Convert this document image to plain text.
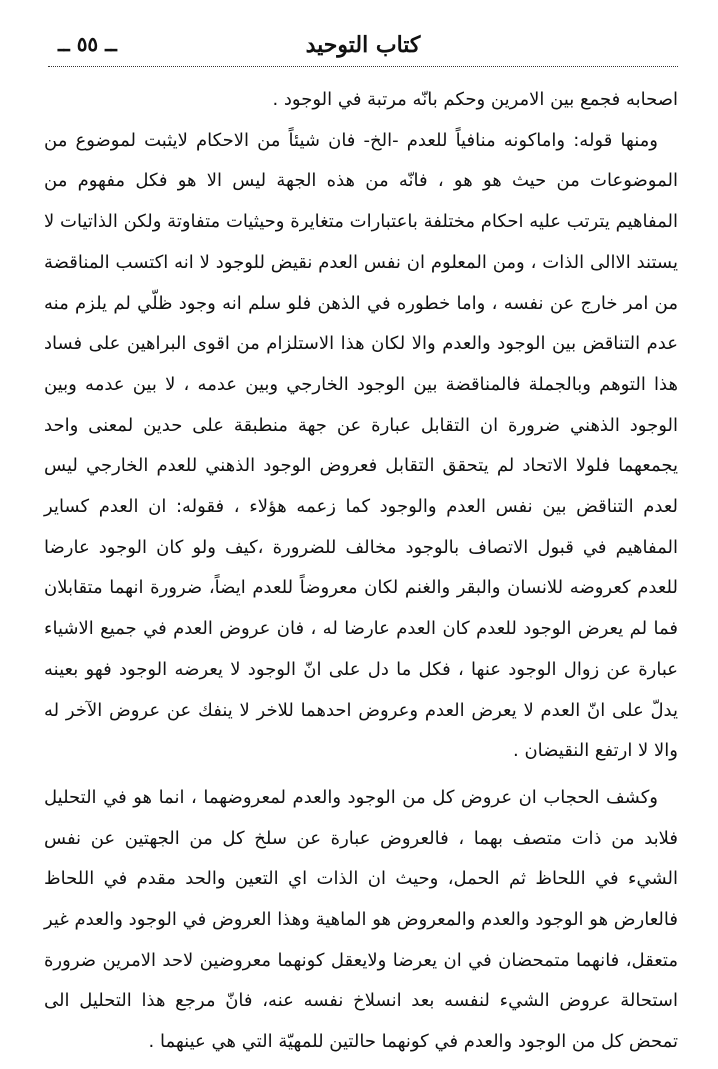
كتاب التوحيد
ــ ٥٥ ــ

اصحابه فجمع بين الامرين وحكم بانّه مرتبة في الوجود .

ومنها قوله: واماكونه منافياً للعدم -الخ- فان شيئاً من الاحكام لايثبت لموضوع من الموضوعات من حيث هو هو ، فانّه من هذه الجهة ليس الا هو فكل مفهوم من المفاهيم يترتب عليه احكام مختلفة باعتبارات متغايرة وحيثيات متفاوتة ولكن الذاتيات لا يستند الاالى الذات ، ومن المعلوم ان نفس العدم نقيض للوجود لا انه اكتسب المناقضة من امر خارج عن نفسه ، واما خطوره في الذهن فلو سلم انه وجود ظلّي لم يلزم منه عدم التناقض بين الوجود والعدم والا لكان هذا الاستلزام من اقوى البراهين على فساد هذا التوهم وبالجملة فالمناقضة بين الوجود الخارجي وبين عدمه ، لا بين عدمه وبين الوجود الذهني ضرورة ان التقابل عبارة عن جهة منطبقة على حدين لمعنى واحد يجمعهما فلولا الاتحاد لم يتحقق التقابل فعروض الوجود الذهني للعدم الخارجي ليس لعدم التناقض بين نفس العدم والوجود كما زعمه هؤلاء ، فقوله: ان العدم كساير المفاهيم في قبول الاتصاف بالوجود مخالف للضرورة ،كيف ولو كان الوجود عارضا للعدم كعروضه للانسان والبقر والغنم لكان معروضاً للعدم ايضاً، ضرورة انهما متقابلان فما لم يعرض الوجود للعدم كان العدم عارضا له ، فان عروض العدم في جميع الاشياء عبارة عن زوال الوجود عنها ، فكل ما دل على انّ الوجود لا يعرضه الوجود فهو بعينه يدلّ على انّ العدم لا يعرض العدم وعروض احدهما للاخر لا ينفك عن عروض الآخر له والا لا ارتفع النقيضان .

وكشف الحجاب ان عروض كل من الوجود والعدم لمعروضهما ، انما هو في التحليل فلابد من ذات متصف بهما ، فالعروض عبارة عن سلخ كل من الجهتين عن نفس الشيء في اللحاظ ثم الحمل، وحيث ان الذات اي التعين والحد مقدم في اللحاظ فالعارض هو الوجود والعدم والمعروض هو الماهية وهذا العروض في الوجود والعدم غير متعقل، فانهما متمحضان في ان يعرضا ولايعقل كونهما معروضين لاحد الامرين ضرورة استحالة عروض الشيء لنفسه بعد انسلاخ نفسه عنه، فانّ مرجع هذا التحليل الى تمحض كل من الوجود والعدم في كونهما حالتين للمهيّة التي هي عينهما .
